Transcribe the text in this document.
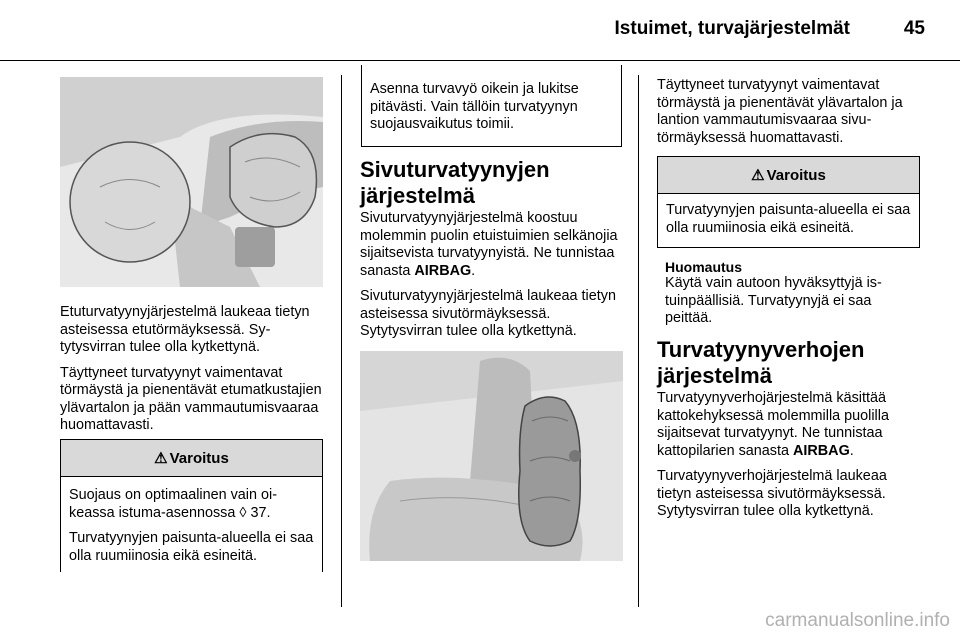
Istuimet, turvajärjestelmät	45
Etuturvatyynyjärjestelmä laukeaa tietyn asteisessa etutörmäyksessä. Sytytysvirran tulee olla kytkettynä.
Täyttyneet turvatyynyt vaimentavat törmäystä ja pienentävät etumatkustajien ylävartalon ja pään vammautumisvaaraa huomattavasti.
⚠ Varoitus
Suojaus on optimaalinen vain oikeassa istuma-asennossa ◊ 37.
Turvatyynyjen paisunta-alueella ei saa olla ruumiinosia eikä esineitä.
Asenna turvavyö oikein ja lukitse pitävästi. Vain tällöin turvatyynyn suojausvaikutus toimii.
Sivuturvatyynyjen järjestelmä
Sivuturvatyynyjärjestelmä koostuu molemmin puolin etuistuimien selkänojia sijaitsevista turvatyynyistä. Ne tunnistaa sanasta AIRBAG.
Sivuturvatyynyjärjestelmä laukeaa tietyn asteisessa sivutörmäyksessä. Sytytysvirran tulee olla kytkettynä.
Täyttyneet turvatyynyt vaimentavat törmäystä ja pienentävät ylävartalon ja lantion vammautumisvaaraa sivutörmäyksessä huomattavasti.
⚠ Varoitus
Turvatyynyjen paisunta-alueella ei saa olla ruumiinosia eikä esineitä.
Huomautus
Käytä vain autoon hyväksyttyjä istuinpäällisiä. Turvatyynyjä ei saa peittää.
Turvatyynyverhojen järjestelmä
Turvatyynyverhojärjestelmä käsittää kattokehyksessä molemmilla puolilla sijaitsevat turvatyynyt. Ne tunnistaa kattopilarien sanasta AIRBAG.
Turvatyynyverhojärjestelmä laukeaa tietyn asteisessa sivutörmäyksessä. Sytytysvirran tulee olla kytkettynä.
carmanualsonline.info
